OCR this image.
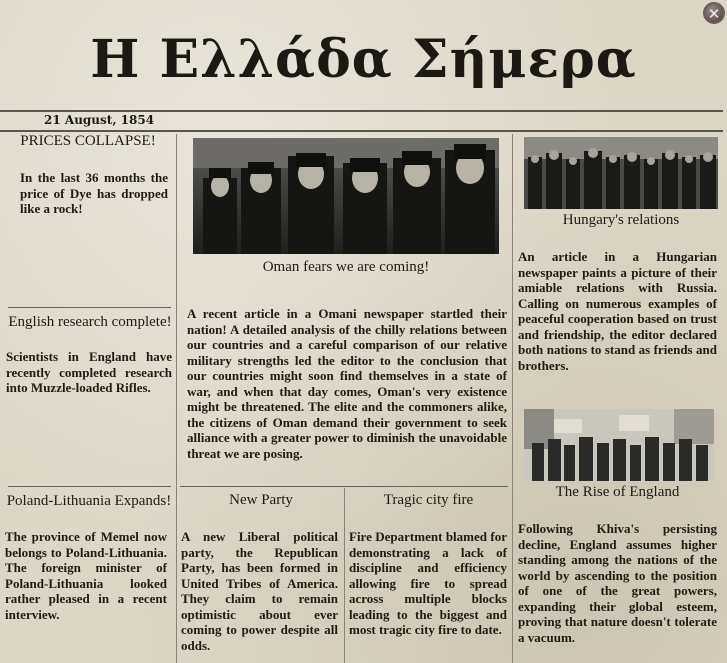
✕
Η Ελλάδα Σήμερα
21 August, 1854
PRICES COLLAPSE!
In the last 36 months the price of Dye has dropped like a rock!
English research complete!
Scientists in England have recently completed research into Muzzle-loaded Rifles.
Poland-Lithuania Expands!
The province of Memel now belongs to Poland-Lithuania. The foreign minister of Poland-Lithuania looked rather pleased in a recent interview.
Oman fears we are coming!
A recent article in a Omani newspaper startled their nation! A detailed analysis of the chilly relations between our countries and a careful comparison of our relative military strengths led the editor to the conclusion that our countries might soon find themselves in a state of war, and when that day comes, Oman's very existence might be threatened. The elite and the commoners alike, the citizens of Oman demand their government to seek alliance with a greater power to diminish the unavoidable threat we are posing.
New Party
A new Liberal political party, the Republican Party, has been formed in United Tribes of America. They claim to remain optimistic about ever coming to power despite all odds.
Tragic city fire
Fire Department blamed for demonstrating a lack of discipline and efficiency allowing fire to spread across multiple blocks leading to the biggest and most tragic city fire to date.
Hungary's relations
An article in a Hungarian newspaper paints a picture of their amiable relations with Russia. Calling on numerous examples of peaceful cooperation based on trust and friendship, the editor declared both nations to stand as friends and brothers.
The Rise of England
Following Khiva's persisting decline, England assumes higher standing among the nations of the world by ascending to the position of one of the great powers, expanding their global esteem, proving that nature doesn't tolerate a vacuum.
